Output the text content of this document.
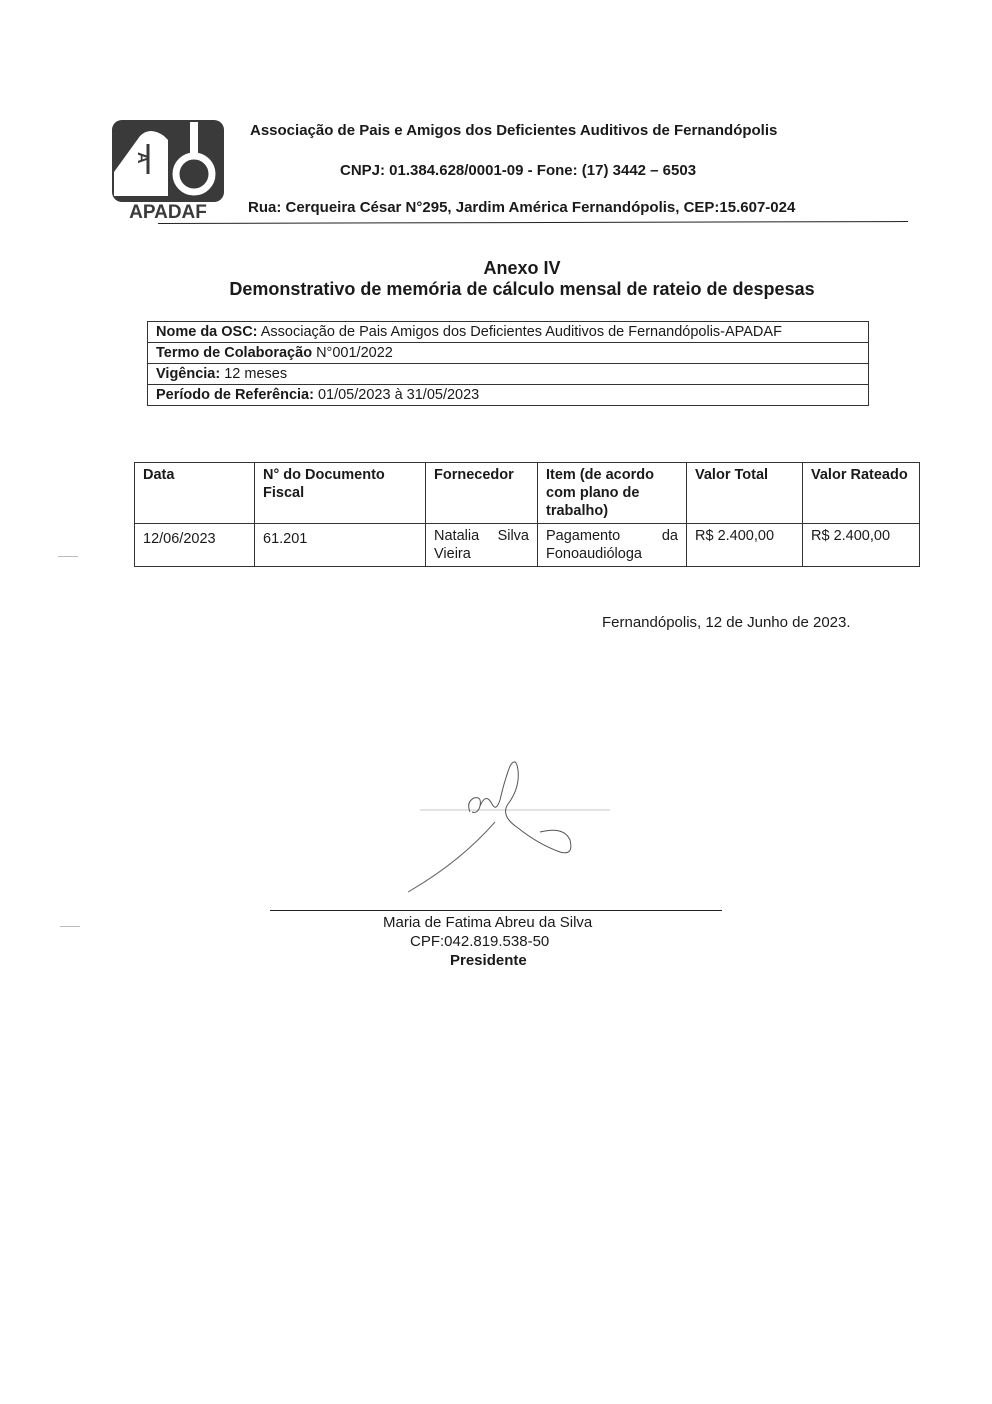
A
APADAF
Associação de Pais e Amigos dos Deficientes Auditivos de Fernandópolis
CNPJ: 01.384.628/0001-09 - Fone: (17) 3442 – 6503
Rua: Cerqueira César N°295, Jardim América Fernandópolis, CEP:15.607-024
Anexo IV
Demonstrativo de memória de cálculo mensal de rateio de despesas
Nome da OSC: Associação de Pais Amigos dos Deficientes Auditivos de Fernandópolis-APADAF
Termo de Colaboração N°001/2022
Vigência: 12 meses
Período de Referência: 01/05/2023 à 31/05/2023
Data	N° do Documento Fiscal	Fornecedor	Item (de acordo com plano de trabalho)	Valor Total	Valor Rateado
12/06/2023	61.201	Natalia Silva Vieira	Pagamento da Fonoaudióloga	R$ 2.400,00	R$ 2.400,00
Fernandópolis, 12 de Junho de 2023.
Maria de Fatima Abreu da Silva
CPF:042.819.538-50
Presidente
